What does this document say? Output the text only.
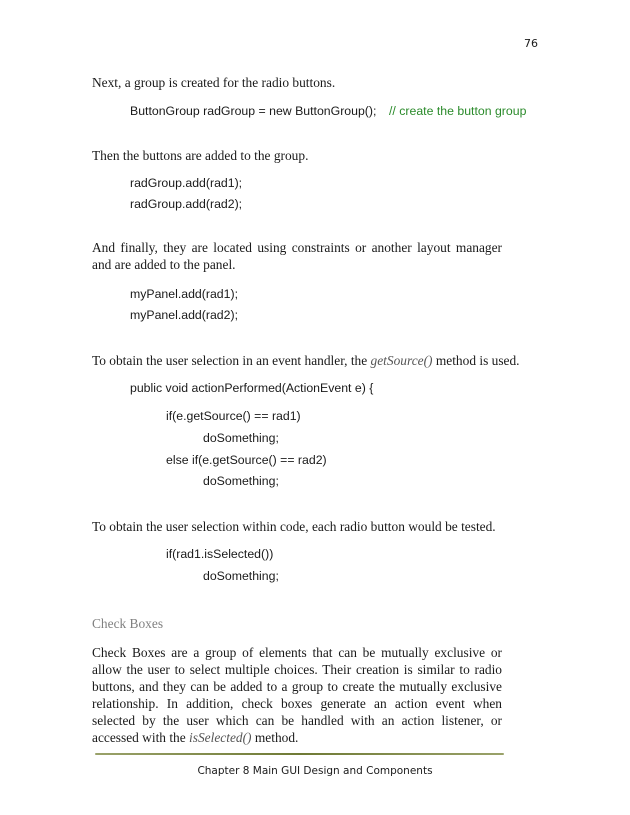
76
Next, a group is created for the radio buttons.
ButtonGroup radGroup = new ButtonGroup(); // create the button group
Then the buttons are added to the group.
radGroup.add(rad1);
radGroup.add(rad2);
And finally, they are located using constraints or another layout manager and are added to the panel.
myPanel.add(rad1);
myPanel.add(rad2);
To obtain the user selection in an event handler, the getSource() method is used.
public void actionPerformed(ActionEvent e) {
if(e.getSource() == rad1)
doSomething;
else if(e.getSource() == rad2)
doSomething;
To obtain the user selection within code, each radio button would be tested.
if(rad1.isSelected())
doSomething;
Check Boxes
Check Boxes are a group of elements that can be mutually exclusive or allow the user to select multiple choices. Their creation is similar to radio buttons, and they can be added to a group to create the mutually exclusive relationship. In addition, check boxes generate an action event when selected by the user which can be handled with an action listener, or accessed with the isSelected() method.
Chapter 8 Main GUI Design and Components
